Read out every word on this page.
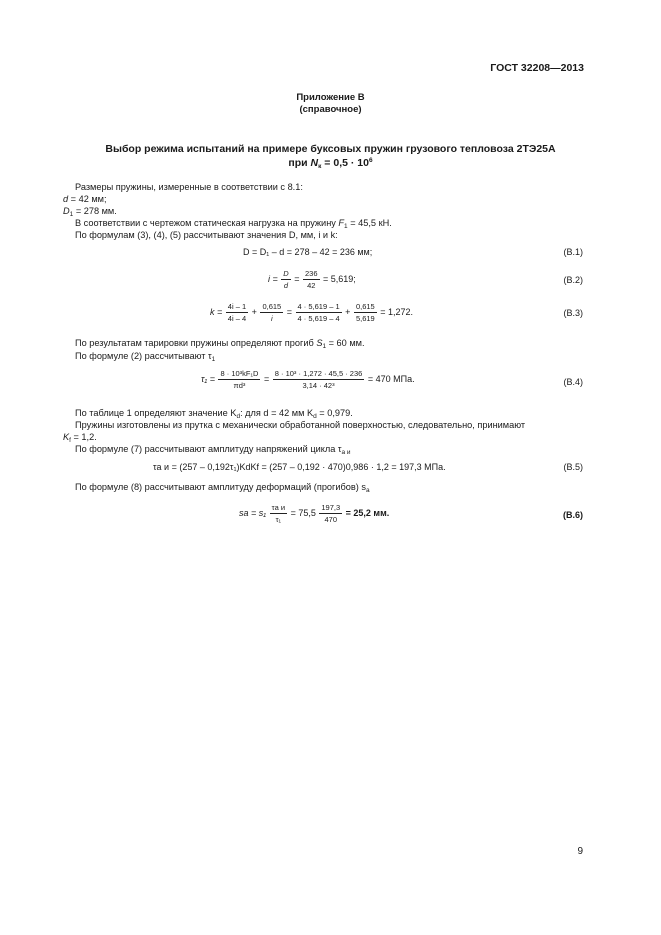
ГОСТ 32208—2013
Приложение В
(справочное)
Выбор режима испытаний на примере буксовых пружин грузового тепловоза 2ТЭ25А
при $N_к = 0,5 \cdot 10^6$
Размеры пружины, измеренные в соответствии с 8.1:
d = 42 мм;
$D_1 = 278$ мм.
В соответствии с чертежом статическая нагрузка на пружину $F_1 = 45,5$ кН.
По формулам (3), (4), (5) рассчитывают значения D, мм, i и k:
D = D₁ – d = 278 – 42 = 236 мм;	(В.1)
$i = \frac{D}{d} = \frac{236}{42} = 5,619$;	(В.2)
$k = \frac{4i - 1}{4i - 4} + \frac{0,615}{i} = \frac{4 \cdot 5,619 - 1}{4 \cdot 5,619 - 4} + \frac{0,615}{5,619} = 1,272$.	(В.3)
По результатам тарировки пружины определяют прогиб $S_1 = 60$ мм.
По формуле (2) рассчитывают $\tau_1$
$\tau_1 = \frac{\text{8 · 10³kF₁D}}{\text{πd³}} = \frac{\text{8 · 10³ · 1,272 · 45,5 · 236}}{\text{3,14 · 42³}} = 470$ МПа.	(В.4)
По таблице 1 определяют значение $K_d$: для d = 42 мм $K_d = 0,979$.
Пружины изготовлены из прутка с механически обработанной поверхностью, следовательно, принимают
$K_f = 1,2$.
По формуле (7) рассчитывают амплитуду напряжений цикла $\tau_{а и}$
τа и = (257 – 0,192τ₁)KdKf = (257 – 0,192 · 470)0,986 · 1,2 = 197,3 МПа.	(В.5)
По формуле (8) рассчитывают амплитуду деформаций (прогибов) $s_а$
sа = $s_1 \frac{\text{τа и}}{\text{τ₁}} = 75,5 \frac{197,3}{470} = 25,2$ мм.	(В.6)
9
